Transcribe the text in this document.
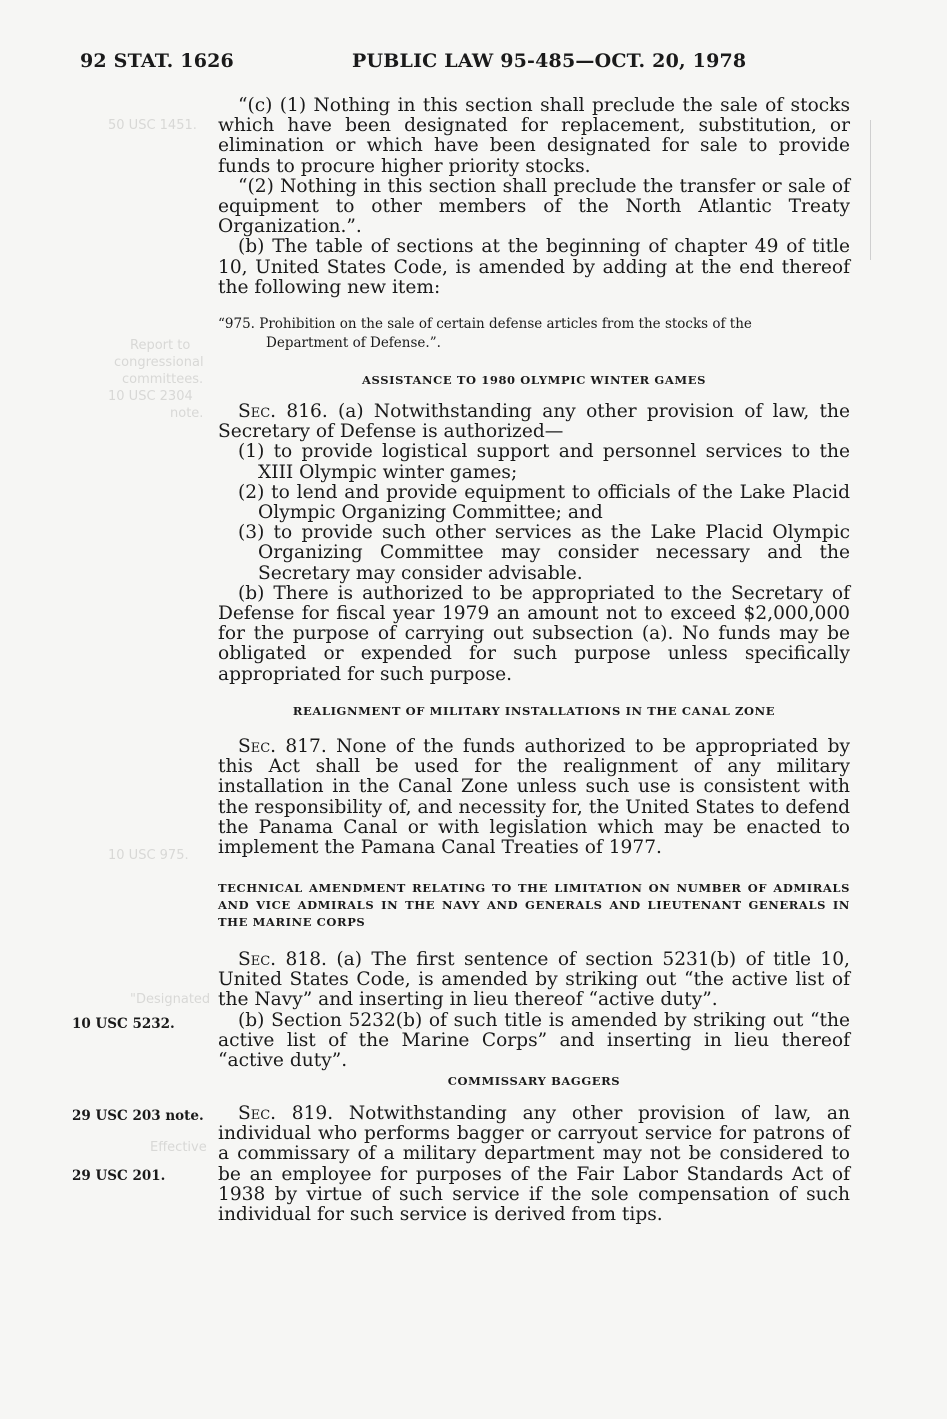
50 USC 1451.
Report to
congressional
committees.
10 USC 2304
note.
10 USC 975.
"Designated
Effective
92 STAT. 1626	PUBLIC LAW 95-485—OCT. 20, 1978

“(c) (1) Nothing in this section shall preclude the sale of stocks which have been designated for replacement, substitution, or elimination or which have been designated for sale to provide funds to procure higher priority stocks.

“(2) Nothing in this section shall preclude the transfer or sale of equipment to other members of the North Atlantic Treaty Organization.”.

(b) The table of sections at the beginning of chapter 49 of title 10, United States Code, is amended by adding at the end thereof the following new item:

“975. Prohibition on the sale of certain defense articles from the stocks of the
Department of Defense.”.
ASSISTANCE TO 1980 OLYMPIC WINTER GAMES

Sec. 816. (a) Notwithstanding any other provision of law, the Secretary of Defense is authorized—

(1) to provide logistical support and personnel services to the XIII Olympic winter games;
(2) to lend and provide equipment to officials of the Lake Placid Olympic Organizing Committee; and
(3) to provide such other services as the Lake Placid Olympic Organizing Committee may consider necessary and the Secretary may consider advisable.

(b) There is authorized to be appropriated to the Secretary of Defense for fiscal year 1979 an amount not to exceed $2,000,000 for the purpose of carrying out subsection (a). No funds may be obligated or expended for such purpose unless specifically appropriated for such purpose.

REALIGNMENT OF MILITARY INSTALLATIONS IN THE CANAL ZONE

Sec. 817. None of the funds authorized to be appropriated by this Act shall be used for the realignment of any military installation in the Canal Zone unless such use is consistent with the responsibility of, and necessity for, the United States to defend the Panama Canal or with legislation which may be enacted to implement the Pamana Canal Treaties of 1977.

TECHNICAL AMENDMENT RELATING TO THE LIMITATION ON NUMBER OF ADMIRALS AND VICE ADMIRALS IN THE NAVY AND GENERALS AND LIEUTENANT GENERALS IN THE MARINE CORPS
10 USC 5232.

Sec. 818. (a) The first sentence of section 5231(b) of title 10, United States Code, is amended by striking out “the active list of the Navy” and inserting in lieu thereof “active duty”.

(b) Section 5232(b) of such title is amended by striking out “the active list of the Marine Corps” and inserting in lieu thereof “active duty”.

COMMISSARY BAGGERS
29 USC 203 note.
29 USC 201.

Sec. 819. Notwithstanding any other provision of law, an individual who performs bagger or carryout service for patrons of a commissary of a military department may not be considered to be an employee for purposes of the Fair Labor Standards Act of 1938 by virtue of such service if the sole compensation of such individual for such service is derived from tips.
